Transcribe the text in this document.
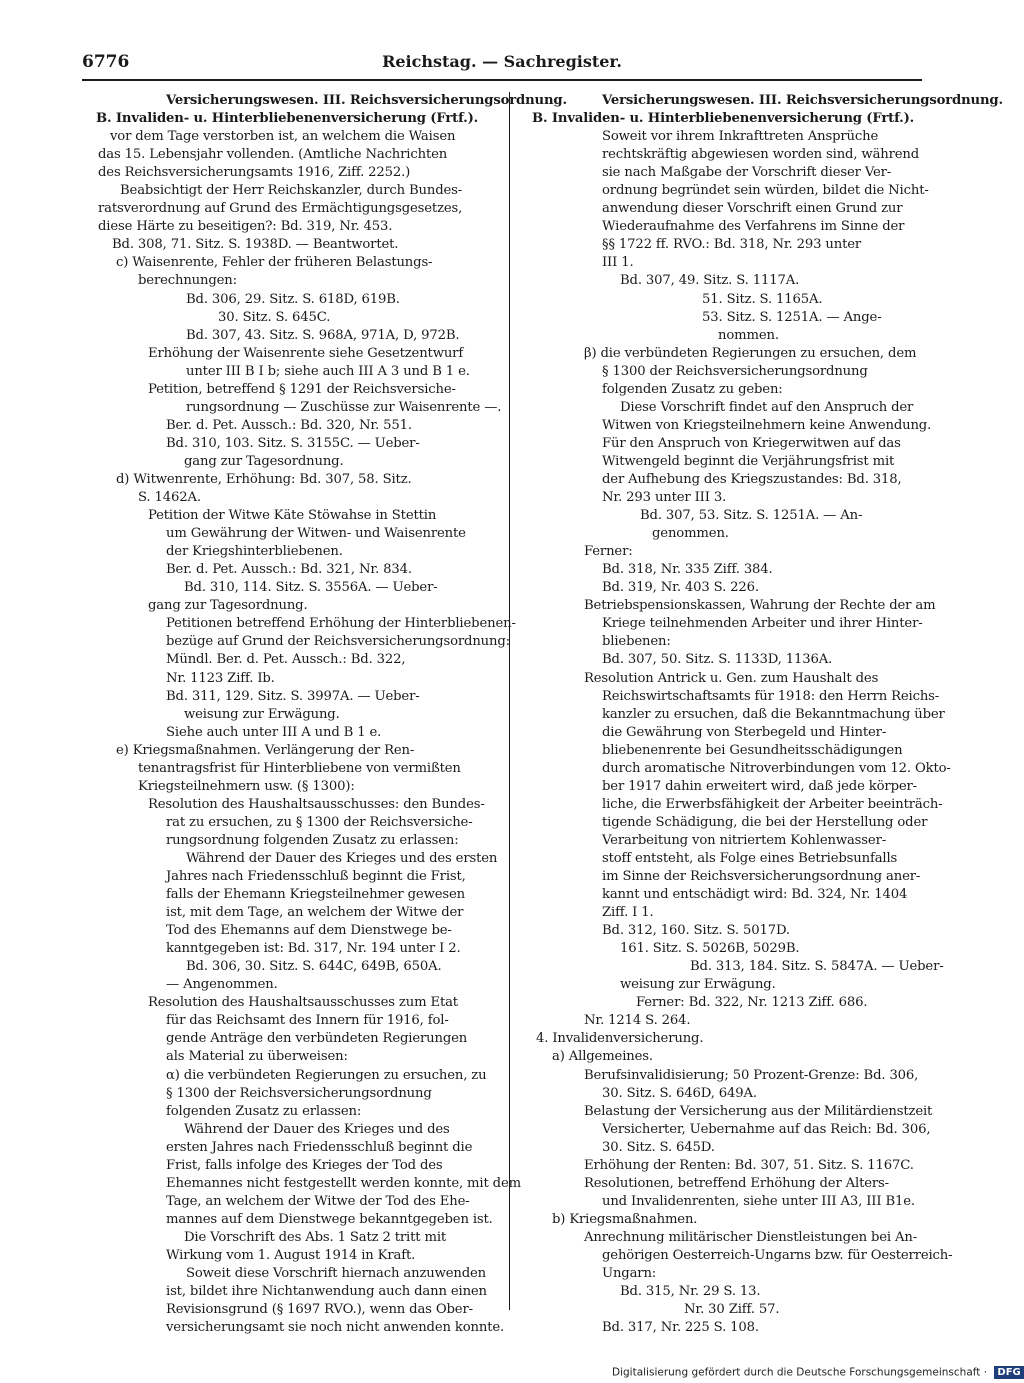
6776	Reichstag. — Sachregister.

Versicherungswesen. III. Reichsversicherungsordnung.

B. Invaliden- u. Hinterbliebenenversicherung (Frtf.).

vor dem Tage verstorben ist, an welchem die Waisen

das 15. Lebensjahr vollenden. (Amtliche Nachrichten

des Reichsversicherungsamts 1916, Ziff. 2252.)

Beabsichtigt der Herr Reichskanzler, durch Bundes-

ratsverordnung auf Grund des Ermächtigungsgesetzes,

diese Härte zu beseitigen?: Bd. 319, Nr. 453.

Bd. 308, 71. Sitz. S. 1938D. — Beantwortet.

c) Waisenrente, Fehler der früheren Belastungs-

berechnungen:

Bd. 306, 29. Sitz. S. 618D, 619B.

30. Sitz. S. 645C.

Bd. 307, 43. Sitz. S. 968A, 971A, D, 972B.

Erhöhung der Waisenrente siehe Gesetzentwurf

unter III B I b; siehe auch III A 3 und B 1 e.

Petition, betreffend § 1291 der Reichsversiche-

rungsordnung — Zuschüsse zur Waisenrente —.

Ber. d. Pet. Aussch.: Bd. 320, Nr. 551.

Bd. 310, 103. Sitz. S. 3155C. — Ueber-

gang zur Tagesordnung.

d) Witwenrente, Erhöhung: Bd. 307, 58. Sitz.

S. 1462A.

Petition der Witwe Käte Stöwahse in Stettin

um Gewährung der Witwen- und Waisenrente

der Kriegshinterbliebenen.

Ber. d. Pet. Aussch.: Bd. 321, Nr. 834.

Bd. 310, 114. Sitz. S. 3556A. — Ueber-

gang zur Tagesordnung.

Petitionen betreffend Erhöhung der Hinterbliebenen-

bezüge auf Grund der Reichsversicherungsordnung:

Mündl. Ber. d. Pet. Aussch.: Bd. 322,

Nr. 1123 Ziff. Ib.

Bd. 311, 129. Sitz. S. 3997A. — Ueber-

weisung zur Erwägung.

Siehe auch unter III A und B 1 e.

e) Kriegsmaßnahmen. Verlängerung der Ren-

tenantragsfrist für Hinterbliebene von vermißten

Kriegsteilnehmern usw. (§ 1300):

Resolution des Haushaltsausschusses: den Bundes-

rat zu ersuchen, zu § 1300 der Reichsversiche-

rungsordnung folgenden Zusatz zu erlassen:

Während der Dauer des Krieges und des ersten

Jahres nach Friedensschluß beginnt die Frist,

falls der Ehemann Kriegsteilnehmer gewesen

ist, mit dem Tage, an welchem der Witwe der

Tod des Ehemanns auf dem Dienstwege be-

kanntgegeben ist: Bd. 317, Nr. 194 unter I 2.

Bd. 306, 30. Sitz. S. 644C, 649B, 650A.

— Angenommen.

Resolution des Haushaltsausschusses zum Etat

für das Reichsamt des Innern für 1916, fol-

gende Anträge den verbündeten Regierungen

als Material zu überweisen:

α) die verbündeten Regierungen zu ersuchen, zu

§ 1300 der Reichsversicherungsordnung

folgenden Zusatz zu erlassen:

Während der Dauer des Krieges und des

ersten Jahres nach Friedensschluß beginnt die

Frist, falls infolge des Krieges der Tod des

Ehemannes nicht festgestellt werden konnte, mit dem

Tage, an welchem der Witwe der Tod des Ehe-

mannes auf dem Dienstwege bekanntgegeben ist.

Die Vorschrift des Abs. 1 Satz 2 tritt mit

Wirkung vom 1. August 1914 in Kraft.

Soweit diese Vorschrift hiernach anzuwenden

ist, bildet ihre Nichtanwendung auch dann einen

Revisionsgrund (§ 1697 RVO.), wenn das Ober-

versicherungsamt sie noch nicht anwenden konnte.

Versicherungswesen. III. Reichsversicherungsordnung.

B. Invaliden- u. Hinterbliebenenversicherung (Frtf.).

Soweit vor ihrem Inkrafttreten Ansprüche

rechtskräftig abgewiesen worden sind, während

sie nach Maßgabe der Vorschrift dieser Ver-

ordnung begründet sein würden, bildet die Nicht-

anwendung dieser Vorschrift einen Grund zur

Wiederaufnahme des Verfahrens im Sinne der

§§ 1722 ff. RVO.: Bd. 318, Nr. 293 unter

III 1.

Bd. 307, 49. Sitz. S. 1117A.

51. Sitz. S. 1165A.

53. Sitz. S. 1251A. — Ange-

nommen.

β) die verbündeten Regierungen zu ersuchen, dem

§ 1300 der Reichsversicherungsordnung

folgenden Zusatz zu geben:

Diese Vorschrift findet auf den Anspruch der

Witwen von Kriegsteilnehmern keine Anwendung.

Für den Anspruch von Kriegerwitwen auf das

Witwengeld beginnt die Verjährungsfrist mit

der Aufhebung des Kriegszustandes: Bd. 318,

Nr. 293 unter III 3.

Bd. 307, 53. Sitz. S. 1251A. — An-

genommen.

Ferner:

Bd. 318, Nr. 335 Ziff. 384.

Bd. 319, Nr. 403 S. 226.

Betriebspensionskassen, Wahrung der Rechte der am

Kriege teilnehmenden Arbeiter und ihrer Hinter-

bliebenen:

Bd. 307, 50. Sitz. S. 1133D, 1136A.

Resolution Antrick u. Gen. zum Haushalt des

Reichswirtschaftsamts für 1918: den Herrn Reichs-

kanzler zu ersuchen, daß die Bekanntmachung über

die Gewährung von Sterbegeld und Hinter-

bliebenenrente bei Gesundheitsschädigungen

durch aromatische Nitroverbindungen vom 12. Okto-

ber 1917 dahin erweitert wird, daß jede körper-

liche, die Erwerbsfähigkeit der Arbeiter beeinträch-

tigende Schädigung, die bei der Herstellung oder

Verarbeitung von nitriertem Kohlenwasser-

stoff entsteht, als Folge eines Betriebsunfalls

im Sinne der Reichsversicherungsordnung aner-

kannt und entschädigt wird: Bd. 324, Nr. 1404

Ziff. I 1.

Bd. 312, 160. Sitz. S. 5017D.

161. Sitz. S. 5026B, 5029B.

Bd. 313, 184. Sitz. S. 5847A. — Ueber-

weisung zur Erwägung.

Ferner: Bd. 322, Nr. 1213 Ziff. 686.

Nr. 1214 S. 264.

4. Invalidenversicherung.

a) Allgemeines.

Berufsinvalidisierung; 50 Prozent-Grenze: Bd. 306,

30. Sitz. S. 646D, 649A.

Belastung der Versicherung aus der Militärdienstzeit

Versicherter, Uebernahme auf das Reich: Bd. 306,

30. Sitz. S. 645D.

Erhöhung der Renten: Bd. 307, 51. Sitz. S. 1167C.

Resolutionen, betreffend Erhöhung der Alters-

und Invalidenrenten, siehe unter III A3, III B1e.

b) Kriegsmaßnahmen.

Anrechnung militärischer Dienstleistungen bei An-

gehörigen Oesterreich-Ungarns bzw. für Oesterreich-

Ungarn:

Bd. 315, Nr. 29 S. 13.

Nr. 30 Ziff. 57.

Bd. 317, Nr. 225 S. 108.

Digitalisierung gefördert durch die Deutsche Forschungsgemeinschaft · DFG
